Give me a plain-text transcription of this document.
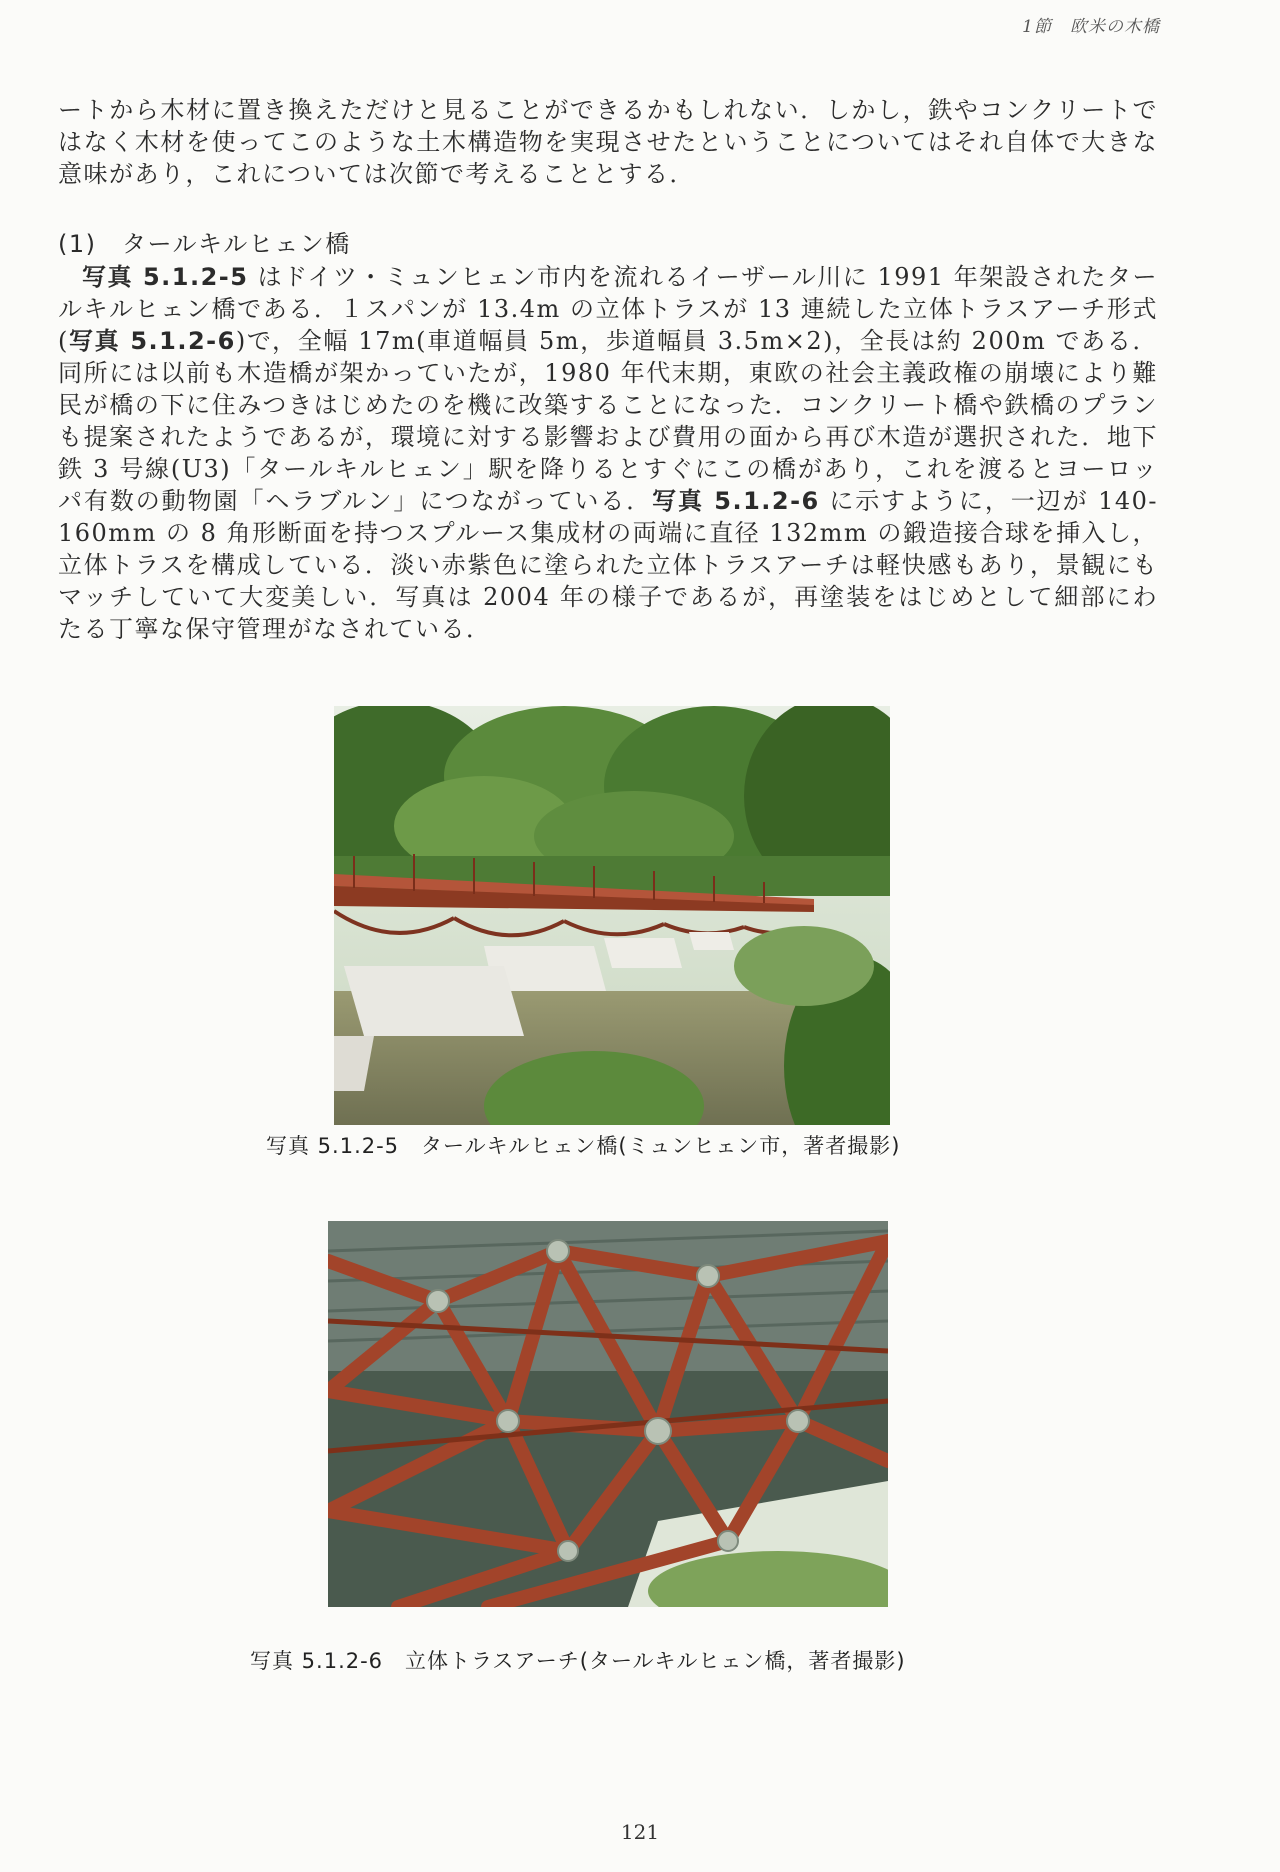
1節　欧米の木橋

ートから木材に置き換えただけと見ることができるかもしれない．しかし，鉄やコンクリートではなく木材を使ってこのような土木構造物を実現させたということについてはそれ自体で大きな意味があり，これについては次節で考えることとする．

(1)　タールキルヒェン橋

写真 5.1.2-5 はドイツ・ミュンヒェン市内を流れるイーザール川に 1991 年架設されたタールキルヒェン橋である．１スパンが 13.4m の立体トラスが 13 連続した立体トラスアーチ形式(写真 5.1.2-6)で，全幅 17m(車道幅員 5m，歩道幅員 3.5m×2)，全長は約 200m である．同所には以前も木造橋が架かっていたが，1980 年代末期，東欧の社会主義政権の崩壊により難民が橋の下に住みつきはじめたのを機に改築することになった．コンクリート橋や鉄橋のプランも提案されたようであるが，環境に対する影響および費用の面から再び木造が選択された．地下鉄 3 号線(U3)「タールキルヒェン」駅を降りるとすぐにこの橋があり，これを渡るとヨーロッパ有数の動物園「ヘラブルン」につながっている．写真 5.1.2-6 に示すように，一辺が 140-160mm の 8 角形断面を持つスプルース集成材の両端に直径 132mm の鍛造接合球を挿入し，立体トラスを構成している．淡い赤紫色に塗られた立体トラスアーチは軽快感もあり，景観にもマッチしていて大変美しい．写真は 2004 年の様子であるが，再塗装をはじめとして細部にわたる丁寧な保守管理がなされている．

写真 5.1.2-5　タールキルヒェン橋(ミュンヒェン市，著者撮影)
写真 5.1.2-6　立体トラスアーチ(タールキルヒェン橋，著者撮影)
121
